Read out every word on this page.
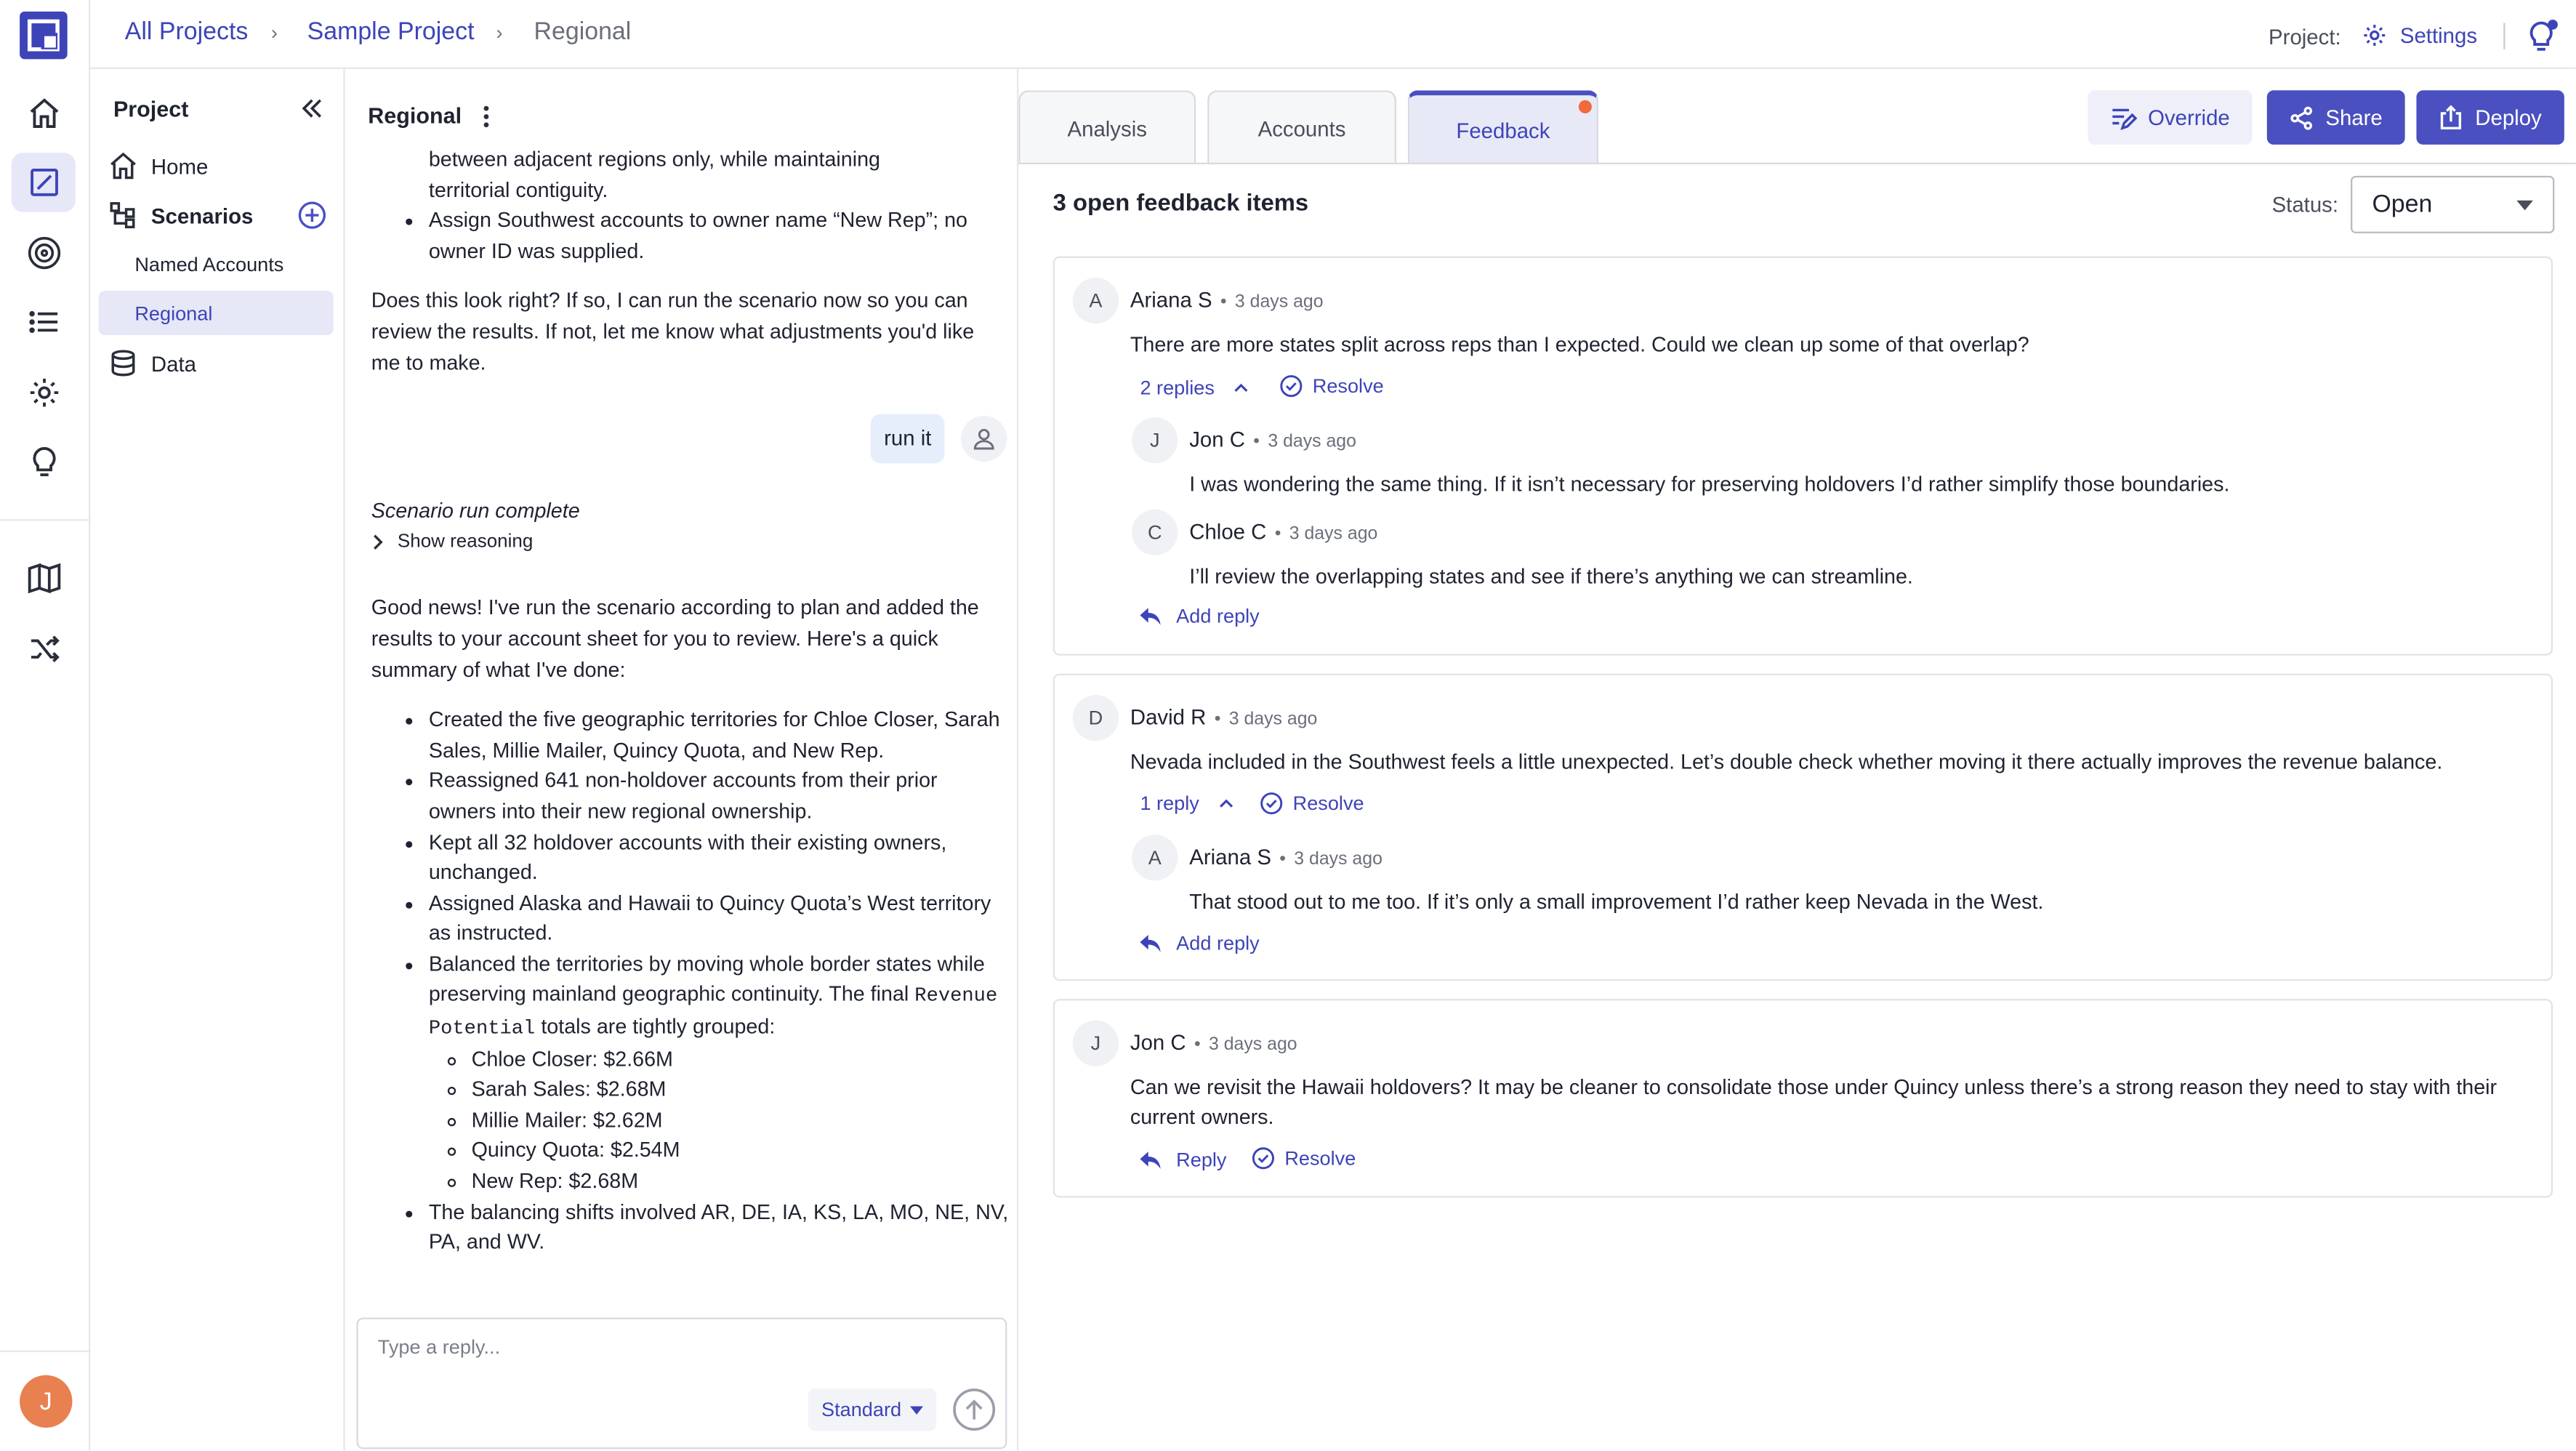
J
All Projects	›	Sample Project	›	Regional	Project:	Settings
Project
Home
Scenarios
Named Accounts
Regional
Data
Regional
between adjacent regions only, while maintaining
territorial contiguity.
• Assign Southwest accounts to owner name “New Rep”; no owner ID was supplied.

Does this look right? If so, I can run the scenario now so you can review the results. If not, let me know what adjustments you'd like me to make.

run it

Scenario run complete

Show reasoning

Good news! I've run the scenario according to plan and added the results to your account sheet for you to review. Here's a quick summary of what I've done:

• Created the five geographic territories for Chloe Closer, Sarah Sales, Millie Mailer, Quincy Quota, and New Rep.
• Reassigned 641 non-holdover accounts from their prior owners into their new regional ownership.
• Kept all 32 holdover accounts with their existing owners, unchanged.
• Assigned Alaska and Hawaii to Quincy Quota’s West territory as instructed.
• Balanced the territories by moving whole border states while preserving mainland geographic continuity. The final Revenue Potential totals are tightly grouped:
◦ Chloe Closer: $2.66M
◦ Sarah Sales: $2.68M
◦ Millie Mailer: $2.62M
◦ Quincy Quota: $2.54M
◦ New Rep: $2.68M
• The balancing shifts involved AR, DE, IA, KS, LA, MO, NE, NV, PA, and WV.
Type a reply...
Standard
Analysis	Accounts	Feedback	Override	Share	Deploy
3 open feedback items	Status:	Open
A	Ariana S • 3 days ago
There are more states split across reps than I expected. Could we clean up some of that overlap?
2 replies	Resolve
J	Jon C • 3 days ago
I was wondering the same thing. If it isn’t necessary for preserving holdovers I’d rather simplify those boundaries.
C	Chloe C • 3 days ago
I’ll review the overlapping states and see if there’s anything we can streamline.
Add reply
D	David R • 3 days ago
Nevada included in the Southwest feels a little unexpected. Let’s double check whether moving it there actually improves the revenue balance.
1 reply	Resolve
A	Ariana S • 3 days ago
That stood out to me too. If it’s only a small improvement I’d rather keep Nevada in the West.
Add reply
J	Jon C • 3 days ago
Can we revisit the Hawaii holdovers? It may be cleaner to consolidate those under Quincy unless there’s a strong reason they need to stay with their current owners.
Reply	Resolve
